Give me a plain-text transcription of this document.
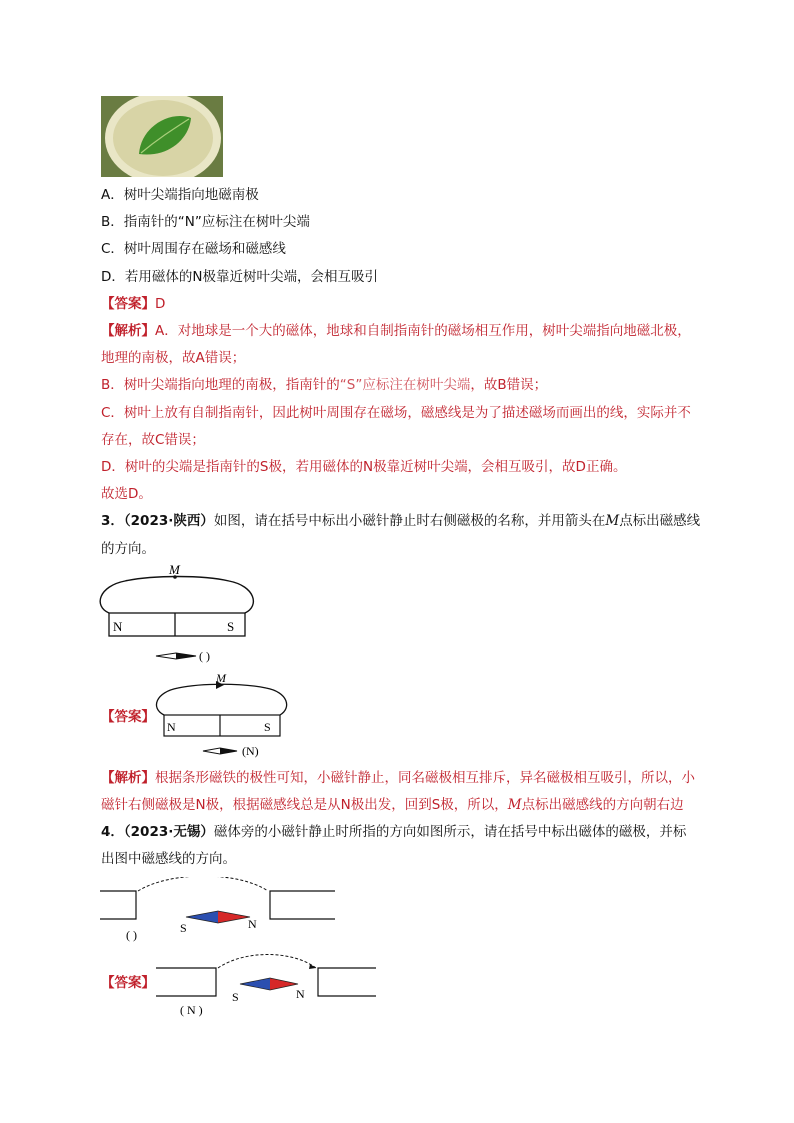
A．树叶尖端指向地磁南极
B．指南针的“N”应标注在树叶尖端
C．树叶周围存在磁场和磁感线
D．若用磁体的N极靠近树叶尖端，会相互吸引
【答案】D
【解析】A．对地球是一个大的磁体，地球和自制指南针的磁场相互作用，树叶尖端指向地磁北极，
地理的南极，故A错误；
B．树叶尖端指向地理的南极，指南针的“S”应标注在树叶尖端，故B错误；
C．树叶上放有自制指南针，因此树叶周围存在磁场，磁感线是为了描述磁场而画出的线，实际并不
存在，故C错误；
D．树叶的尖端是指南针的S极，若用磁体的N极靠近树叶尖端，会相互吸引，故D正确。
故选D。
3．（2023·陕西）如图，请在括号中标出小磁针静止时右侧磁极的名称，并用箭头在M点标出磁感线
的方向。
M
N	S
( )
【答案】
M
N	S
(N)
【解析】根据条形磁铁的极性可知，小磁针静止，同名磁极相互排斥，异名磁极相互吸引，所以，小
磁针右侧磁极是N极，根据磁感线总是从N极出发，回到S极，所以，M点标出磁感线的方向朝右边
4．（2023·无锡）磁体旁的小磁针静止时所指的方向如图所示，请在括号中标出磁体的磁极，并标
出图中磁感线的方向。
S	N
( )
【答案】
S	N
( N )
